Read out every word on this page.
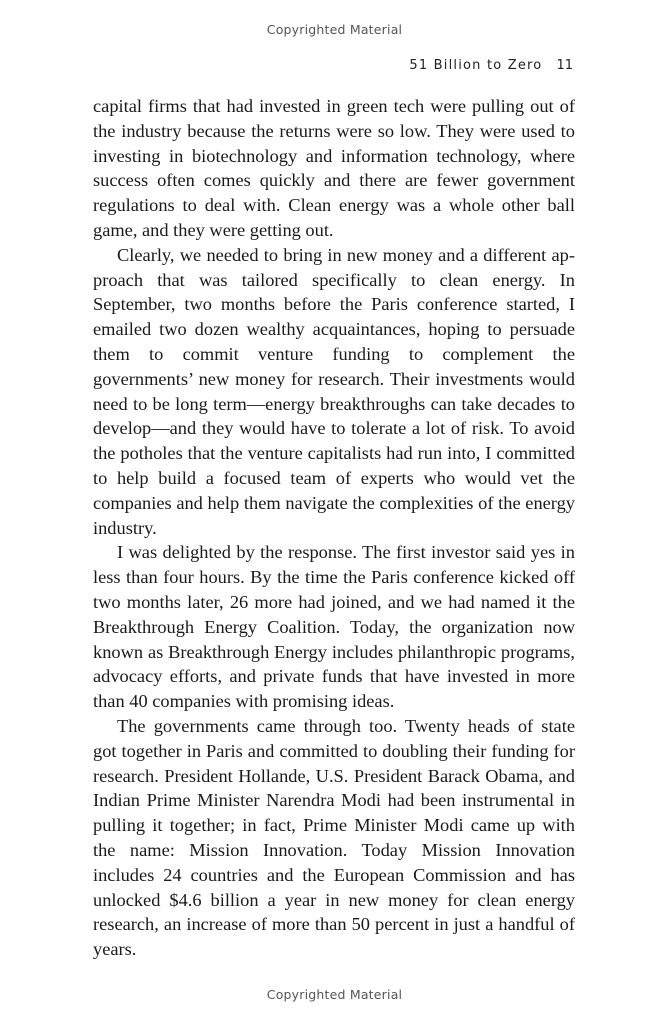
Copyrighted Material
51 Billion to Zero 11

capital firms that had invested in green tech were pulling out of the industry because the returns were so low. They were used to investing in biotechnology and information technology, where success often comes quickly and there are fewer government regulations to deal with. Clean energy was a whole other ball game, and they were getting out.

Clearly, we needed to bring in new money and a different approach that was tailored specifically to clean energy. In September, two months before the Paris conference started, I emailed two dozen wealthy acquaintances, hoping to persuade them to commit venture funding to complement the governments’ new money for research. Their investments would need to be long term—energy breakthroughs can take decades to develop—and they would have to tolerate a lot of risk. To avoid the potholes that the venture capitalists had run into, I committed to help build a focused team of experts who would vet the companies and help them navigate the complexities of the energy industry.

I was delighted by the response. The first investor said yes in less than four hours. By the time the Paris conference kicked off two months later, 26 more had joined, and we had named it the Breakthrough Energy Coalition. Today, the organization now known as Breakthrough Energy includes philanthropic programs, advocacy efforts, and private funds that have invested in more than 40 companies with promising ideas.

The governments came through too. Twenty heads of state got together in Paris and committed to doubling their funding for research. President Hollande, U.S. President Barack Obama, and Indian Prime Minister Narendra Modi had been instrumental in pulling it together; in fact, Prime Minister Modi came up with the name: Mission Innovation. Today Mission Innovation includes 24 countries and the European Commission and has unlocked $4.6 billion a year in new money for clean energy research, an increase of more than 50 percent in just a handful of years.

Copyrighted Material
